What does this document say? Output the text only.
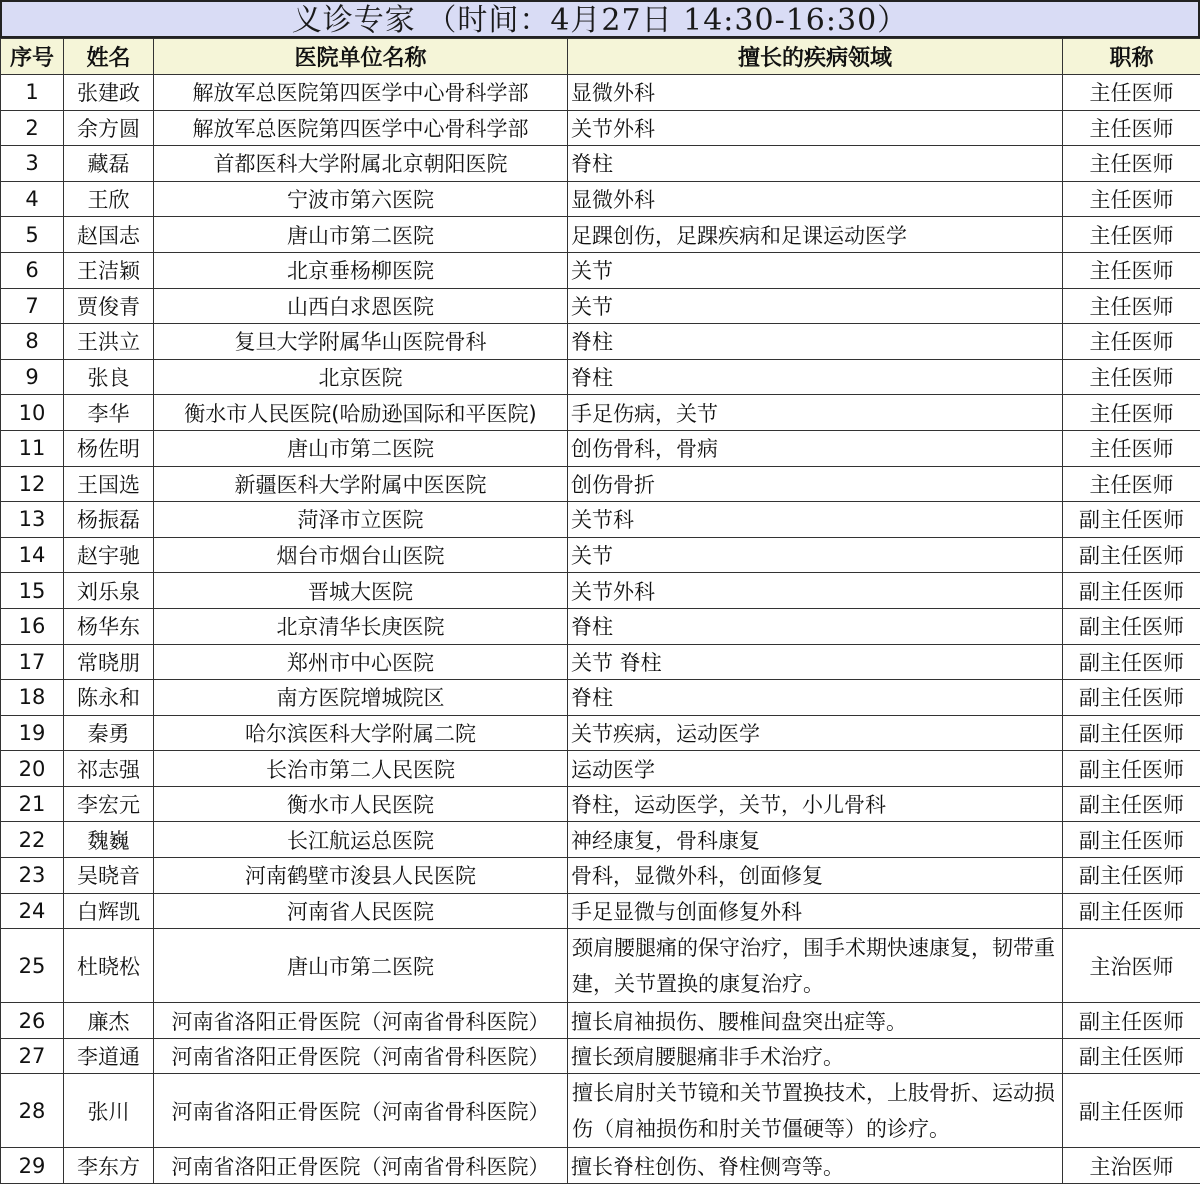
义诊专家 （时间：4月27日 14:30-16:30）
序号	姓名	医院单位名称	擅长的疾病领域	职称
1	张建政	解放军总医院第四医学中心骨科学部	显微外科	主任医师
2	余方圆	解放军总医院第四医学中心骨科学部	关节外科	主任医师
3	藏磊	首都医科大学附属北京朝阳医院	脊柱	主任医师
4	王欣	宁波市第六医院	显微外科	主任医师
5	赵国志	唐山市第二医院	足踝创伤，足踝疾病和足课运动医学	主任医师
6	王洁颖	北京垂杨柳医院	关节	主任医师
7	贾俊青	山西白求恩医院	关节	主任医师
8	王洪立	复旦大学附属华山医院骨科	脊柱	主任医师
9	张良	北京医院	脊柱	主任医师
10	李华	衡水市人民医院(哈励逊国际和平医院)	手足伤病，关节	主任医师
11	杨佐明	唐山市第二医院	创伤骨科，骨病	主任医师
12	王国选	新疆医科大学附属中医医院	创伤骨折	主任医师
13	杨振磊	菏泽市立医院	关节科	副主任医师
14	赵宇驰	烟台市烟台山医院	关节	副主任医师
15	刘乐泉	晋城大医院	关节外科	副主任医师
16	杨华东	北京清华长庚医院	脊柱	副主任医师
17	常晓朋	郑州市中心医院	关节 脊柱	副主任医师
18	陈永和	南方医院增城院区	脊柱	副主任医师
19	秦勇	哈尔滨医科大学附属二院	关节疾病，运动医学	副主任医师
20	祁志强	长治市第二人民医院	运动医学	副主任医师
21	李宏元	衡水市人民医院	脊柱，运动医学，关节，小儿骨科	副主任医师
22	魏巍	长江航运总医院	神经康复，骨科康复	副主任医师
23	吴晓音	河南鹤壁市浚县人民医院	骨科，显微外科，创面修复	副主任医师
24	白辉凯	河南省人民医院	手足显微与创面修复外科	副主任医师
25	杜晓松	唐山市第二医院	颈肩腰腿痛的保守治疗，围手术期快速康复，韧带重建，关节置换的康复治疗。	主治医师
26	廉杰	河南省洛阳正骨医院（河南省骨科医院）	擅长肩袖损伤、腰椎间盘突出症等。	副主任医师
27	李道通	河南省洛阳正骨医院（河南省骨科医院）	擅长颈肩腰腿痛非手术治疗。	副主任医师
28	张川	河南省洛阳正骨医院（河南省骨科医院）	擅长肩肘关节镜和关节置换技术，上肢骨折、运动损伤（肩袖损伤和肘关节僵硬等）的诊疗。	副主任医师
29	李东方	河南省洛阳正骨医院（河南省骨科医院）	擅长脊柱创伤、脊柱侧弯等。	主治医师
